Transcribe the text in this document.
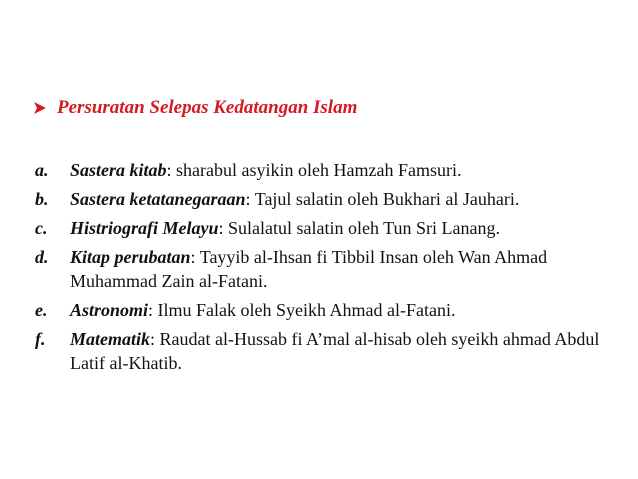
Persuratan Selepas Kedatangan Islam
a. Sastera kitab: sharabul asyikin oleh Hamzah Famsuri.
b. Sastera ketatanegaraan: Tajul salatin oleh Bukhari al Jauhari.
c. Histriografi Melayu: Sulalatul salatin oleh Tun Sri Lanang.
d. Kitap perubatan: Tayyib al-Ihsan fi Tibbil Insan oleh Wan Ahmad Muhammad Zain al-Fatani.
e. Astronomi: Ilmu Falak oleh Syeikh Ahmad al-Fatani.
f. Matematik: Raudat al-Hussab fi A’mal al-hisab oleh syeikh ahmad Abdul Latif al-Khatib.
